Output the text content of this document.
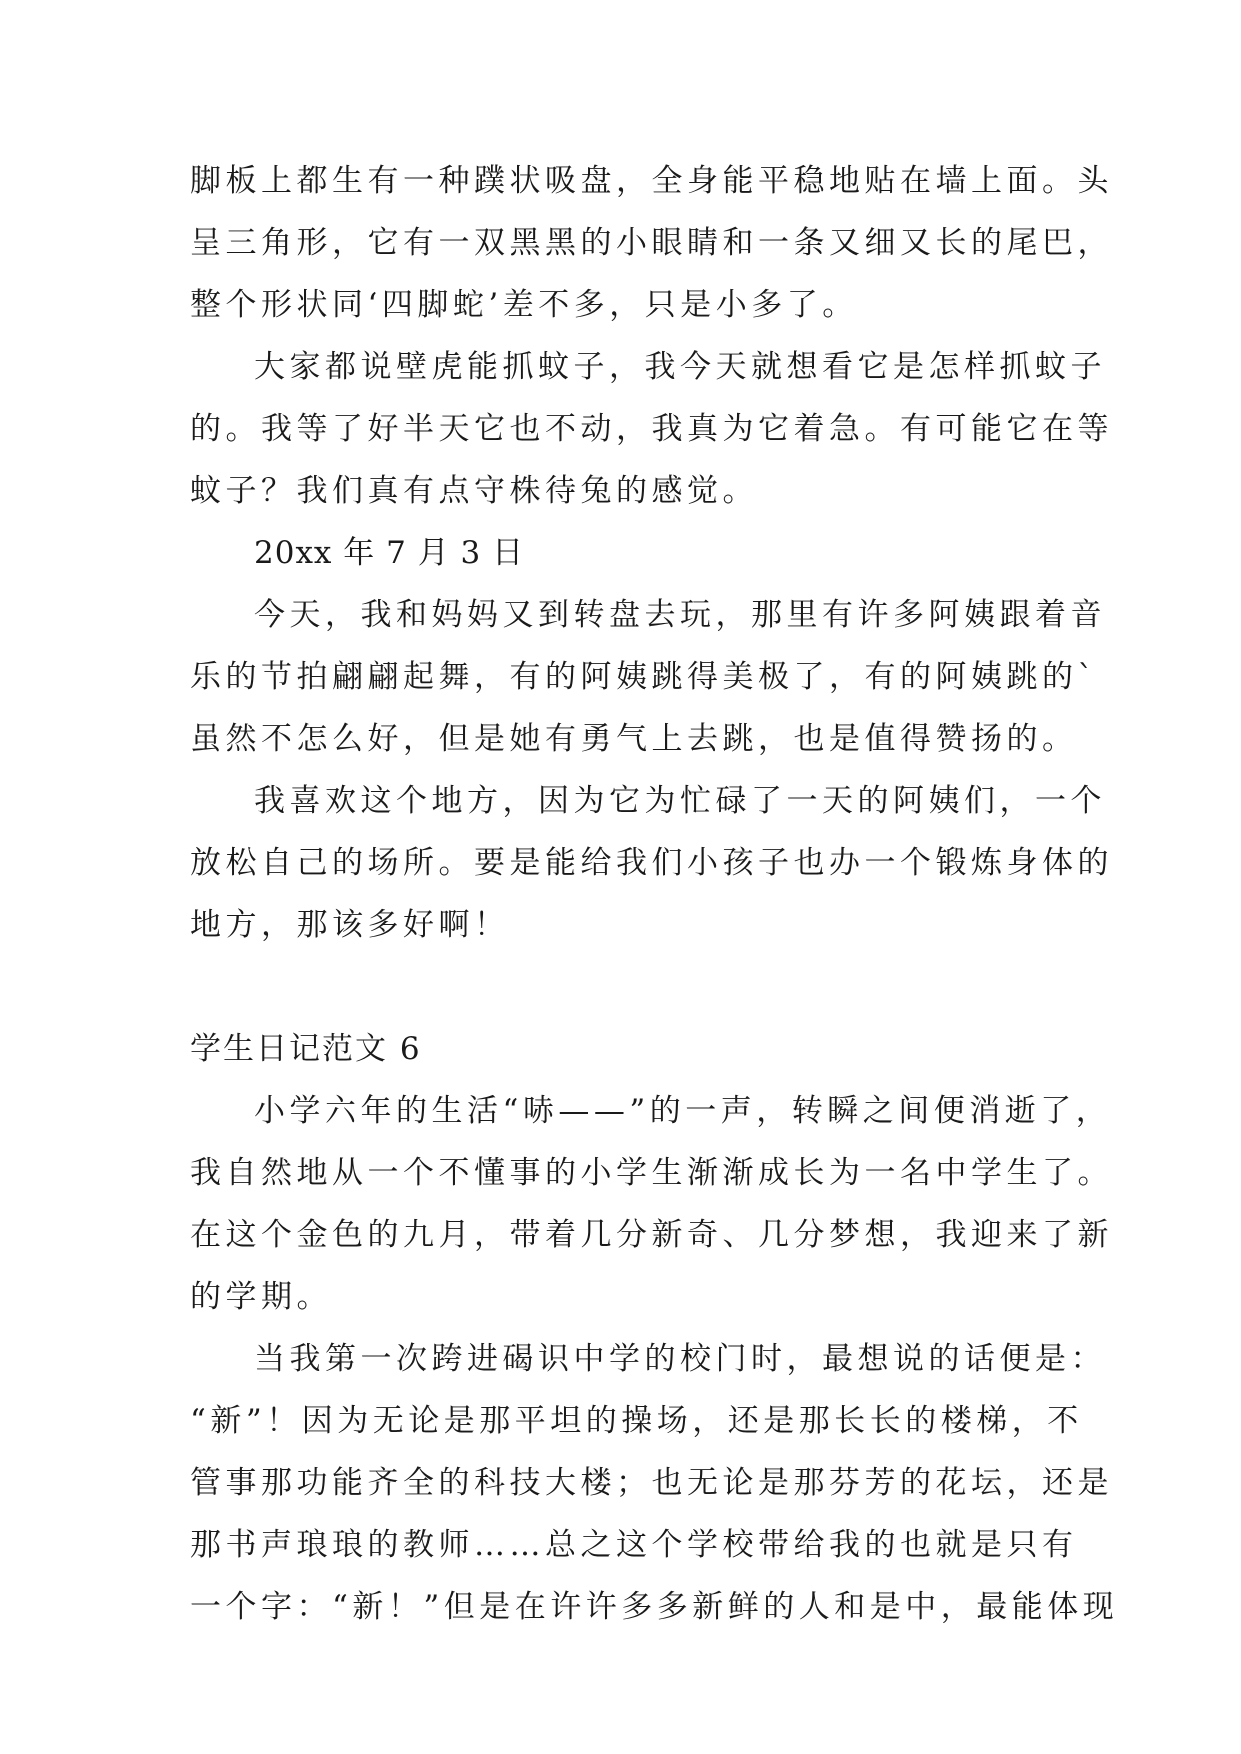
脚板上都生有一种蹼状吸盘，全身能平稳地贴在墙上面。头
呈三角形，它有一双黑黑的小眼睛和一条又细又长的尾巴，
整个形状同‘四脚蛇’差不多，只是小多了。
大家都说壁虎能抓蚊子，我今天就想看它是怎样抓蚊子
的。我等了好半天它也不动，我真为它着急。有可能它在等
蚊子？我们真有点守株待兔的感觉。
20xx 年 7 月 3 日
今天，我和妈妈又到转盘去玩，那里有许多阿姨跟着音
乐的节拍翩翩起舞，有的阿姨跳得美极了，有的阿姨跳的`
虽然不怎么好，但是她有勇气上去跳，也是值得赞扬的。
我喜欢这个地方，因为它为忙碌了一天的阿姨们，一个
放松自己的场所。要是能给我们小孩子也办一个锻炼身体的
地方，那该多好啊！
学生日记范文 6
小学六年的生活“哧——”的一声，转瞬之间便消逝了，
我自然地从一个不懂事的小学生渐渐成长为一名中学生了。
在这个金色的九月，带着几分新奇、几分梦想，我迎来了新
的学期。
当我第一次跨进碣识中学的校门时，最想说的话便是：
“新”！因为无论是那平坦的操场，还是那长长的楼梯，不
管事那功能齐全的科技大楼；也无论是那芬芳的花坛，还是
那书声琅琅的教师……总之这个学校带给我的也就是只有
一个字：“新！”但是在许许多多新鲜的人和是中，最能体现
